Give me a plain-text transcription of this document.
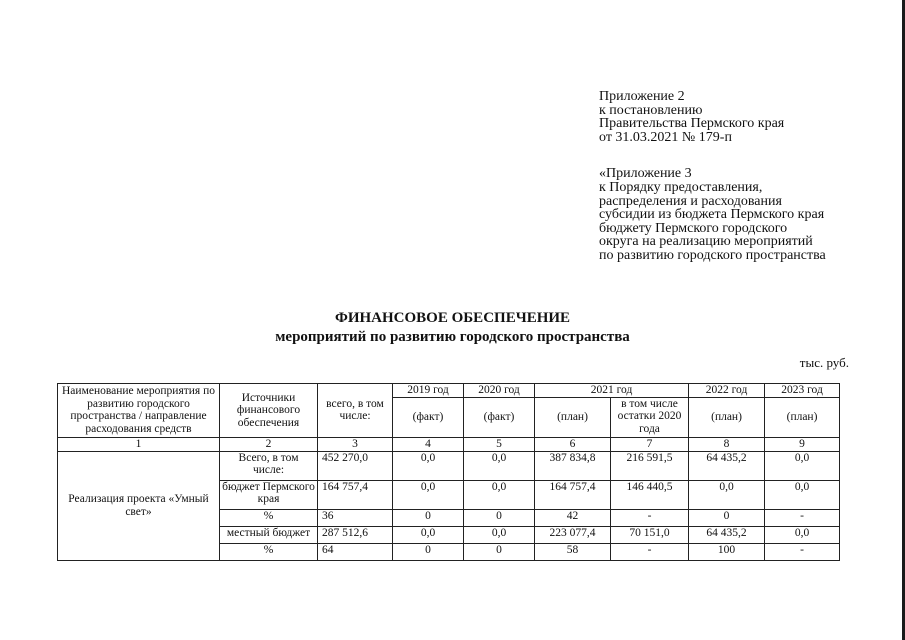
Приложение 2
к постановлению
Правительства Пермского края
от 31.03.2021 № 179-п
«Приложение 3
к Порядку предоставления,
распределения и расходования
субсидии из бюджета Пермского края
бюджету Пермского городского
округа на реализацию мероприятий
по развитию городского пространства
ФИНАНСОВОЕ ОБЕСПЕЧЕНИЕ
мероприятий по развитию городского пространства
тыс. руб.
Наименование мероприятия по развитию городского пространства / направление расходования средств	Источники финансового обеспечения	всего, в том числе:	2019 год	2020 год	2021 год		2022 год	2023 год
			(факт)	(факт)	(план)	в том числе остатки 2020 года	(план)	(план)
1	2	3	4	5	6	7	8	9
Реализация проекта «Умный свет»	Всего, в том числе:	452 270,0	0,0	0,0	387 834,8	216 591,5	64 435,2	0,0
	бюджет Пермского края	164 757,4	0,0	0,0	164 757,4	146 440,5	0,0	0,0
	%	36	0	0	42	-	0	-
	местный бюджет	287 512,6	0,0	0,0	223 077,4	70 151,0	64 435,2	0,0
	%	64	0	0	58	-	100	-
